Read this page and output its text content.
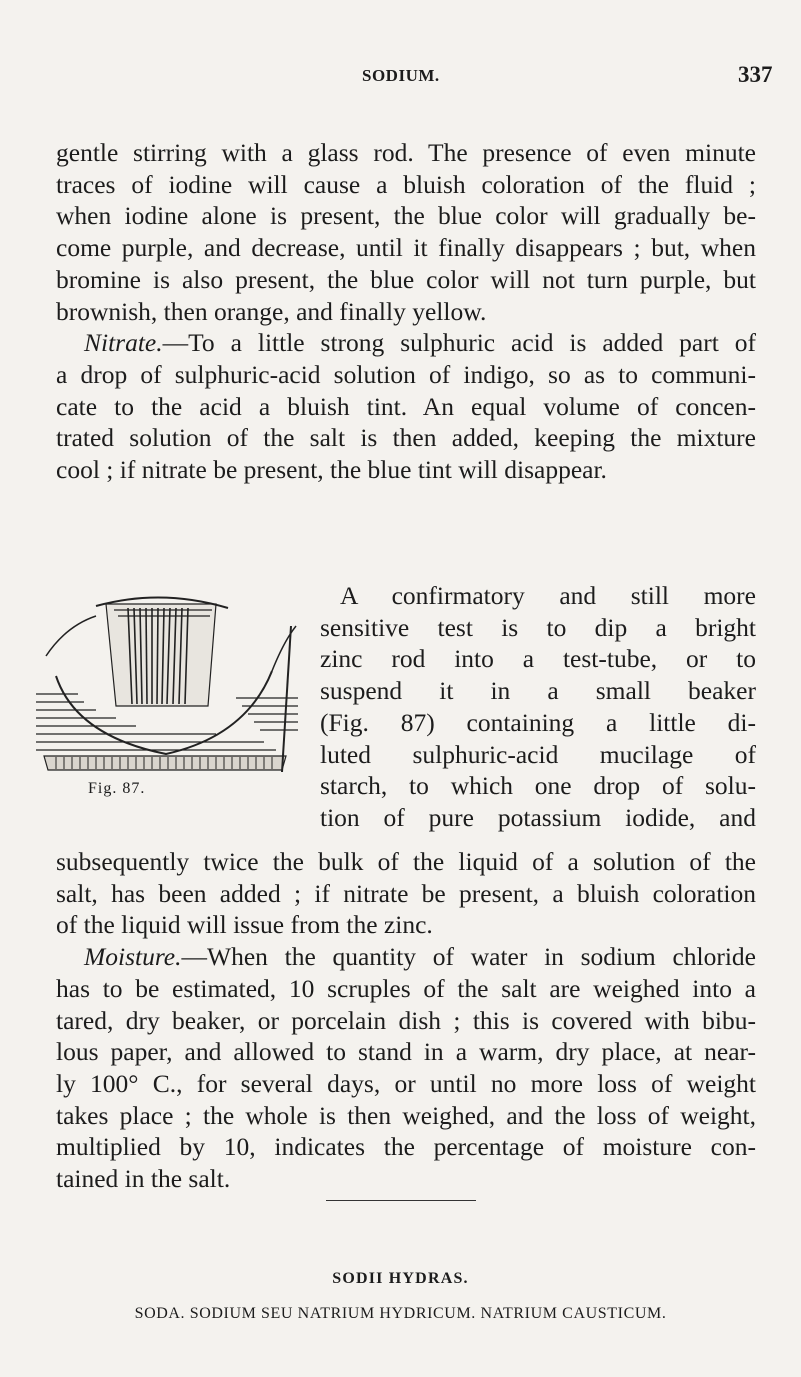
SODIUM.	337
gentle stirring with a glass rod. The presence of even minute
traces of iodine will cause a bluish coloration of the fluid ;
when iodine alone is present, the blue color will gradually be-
come purple, and decrease, until it finally disappears ; but, when
bromine is also present, the blue color will not turn purple, but
brownish, then orange, and finally yellow.
Nitrate.—To a little strong sulphuric acid is added part of
a drop of sulphuric-acid solution of indigo, so as to communi-
cate to the acid a bluish tint. An equal volume of concen-
trated solution of the salt is then added, keeping the mixture
cool ; if nitrate be present, the blue tint will disappear.
Fig. 87.
A confirmatory and still more
sensitive test is to dip a bright
zinc rod into a test-tube, or to
suspend it in a small beaker
(Fig. 87) containing a little di-
luted sulphuric-acid mucilage of
starch, to which one drop of solu-
tion of pure potassium iodide, and
subsequently twice the bulk of the liquid of a solution of the
salt, has been added ; if nitrate be present, a bluish coloration
of the liquid will issue from the zinc.
Moisture.—When the quantity of water in sodium chloride
has to be estimated, 10 scruples of the salt are weighed into a
tared, dry beaker, or porcelain dish ; this is covered with bibu-
lous paper, and allowed to stand in a warm, dry place, at near-
ly 100° C., for several days, or until no more loss of weight
takes place ; the whole is then weighed, and the loss of weight,
multiplied by 10, indicates the percentage of moisture con-
tained in the salt.
SODII HYDRAS.
SODA. SODIUM SEU NATRIUM HYDRICUM. NATRIUM CAUSTICUM.
